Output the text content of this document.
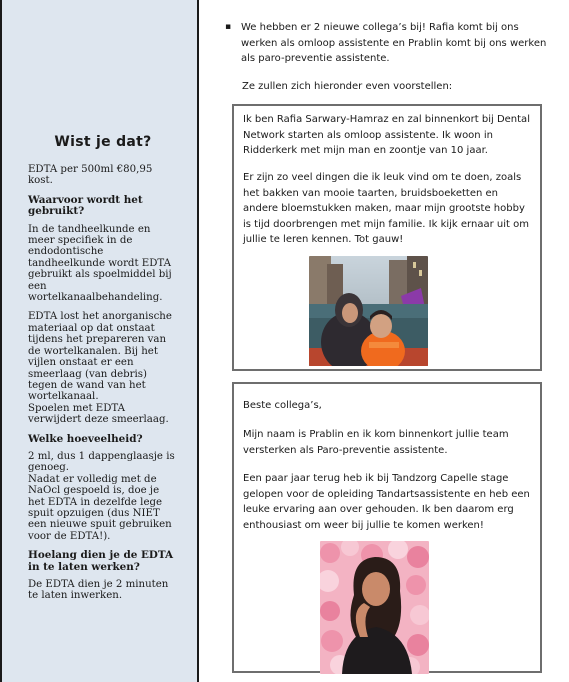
Wist je dat?

EDTA per 500ml €80,95 kost.

Waarvoor wordt het gebruikt?

In de tandheelkunde en meer specifiek in de endodontische tandheelkunde wordt EDTA gebruikt als spoelmiddel bij een wortelkanaalbehandeling.

EDTA lost het anorganische materiaal op dat onstaat tijdens het prepareren van de wortelkanalen. Bij het vijlen onstaat er een smeerlaag (van debris) tegen de wand van het wortelkanaal.

Spoelen met EDTA verwijdert deze smeerlaag.

Welke hoeveelheid?

2 ml, dus 1 dappenglaasje is genoeg.

Nadat er volledig met de NaOcl gespoeld is, doe je het EDTA in dezelfde lege spuit opzuigen (dus NIET een nieuwe spuit gebruiken voor de EDTA!).

Hoelang dien je de EDTA in te laten werken?

De EDTA dien je 2 minuten te laten inwerken.

▪ We hebben er 2 nieuwe collega’s bij! Rafia komt bij ons werken als omloop assistente en Prablin komt bij ons werken als paro-preventie assistente.
Ze zullen zich hieronder even voorstellen:

Ik ben Rafia Sarwary-Hamraz en zal binnenkort bij Dental Network starten als omloop assistente. Ik woon in Ridderkerk met mijn man en zoontje van 10 jaar.

Er zijn zo veel dingen die ik leuk vind om te doen, zoals het bakken van mooie taarten, bruidsboeketten en andere bloemstukken maken, maar mijn grootste hobby is tijd doorbrengen met mijn familie. Ik kijk ernaar uit om jullie te leren kennen. Tot gauw!

Beste collega’s,

Mijn naam is Prablin en ik kom binnenkort jullie team versterken als Paro-preventie assistente.

Een paar jaar terug heb ik bij Tandzorg Capelle stage gelopen voor de opleiding Tandartsassistente en heb een leuke ervaring aan over gehouden. Ik ben daarom erg enthousiast om weer bij jullie te komen werken!
